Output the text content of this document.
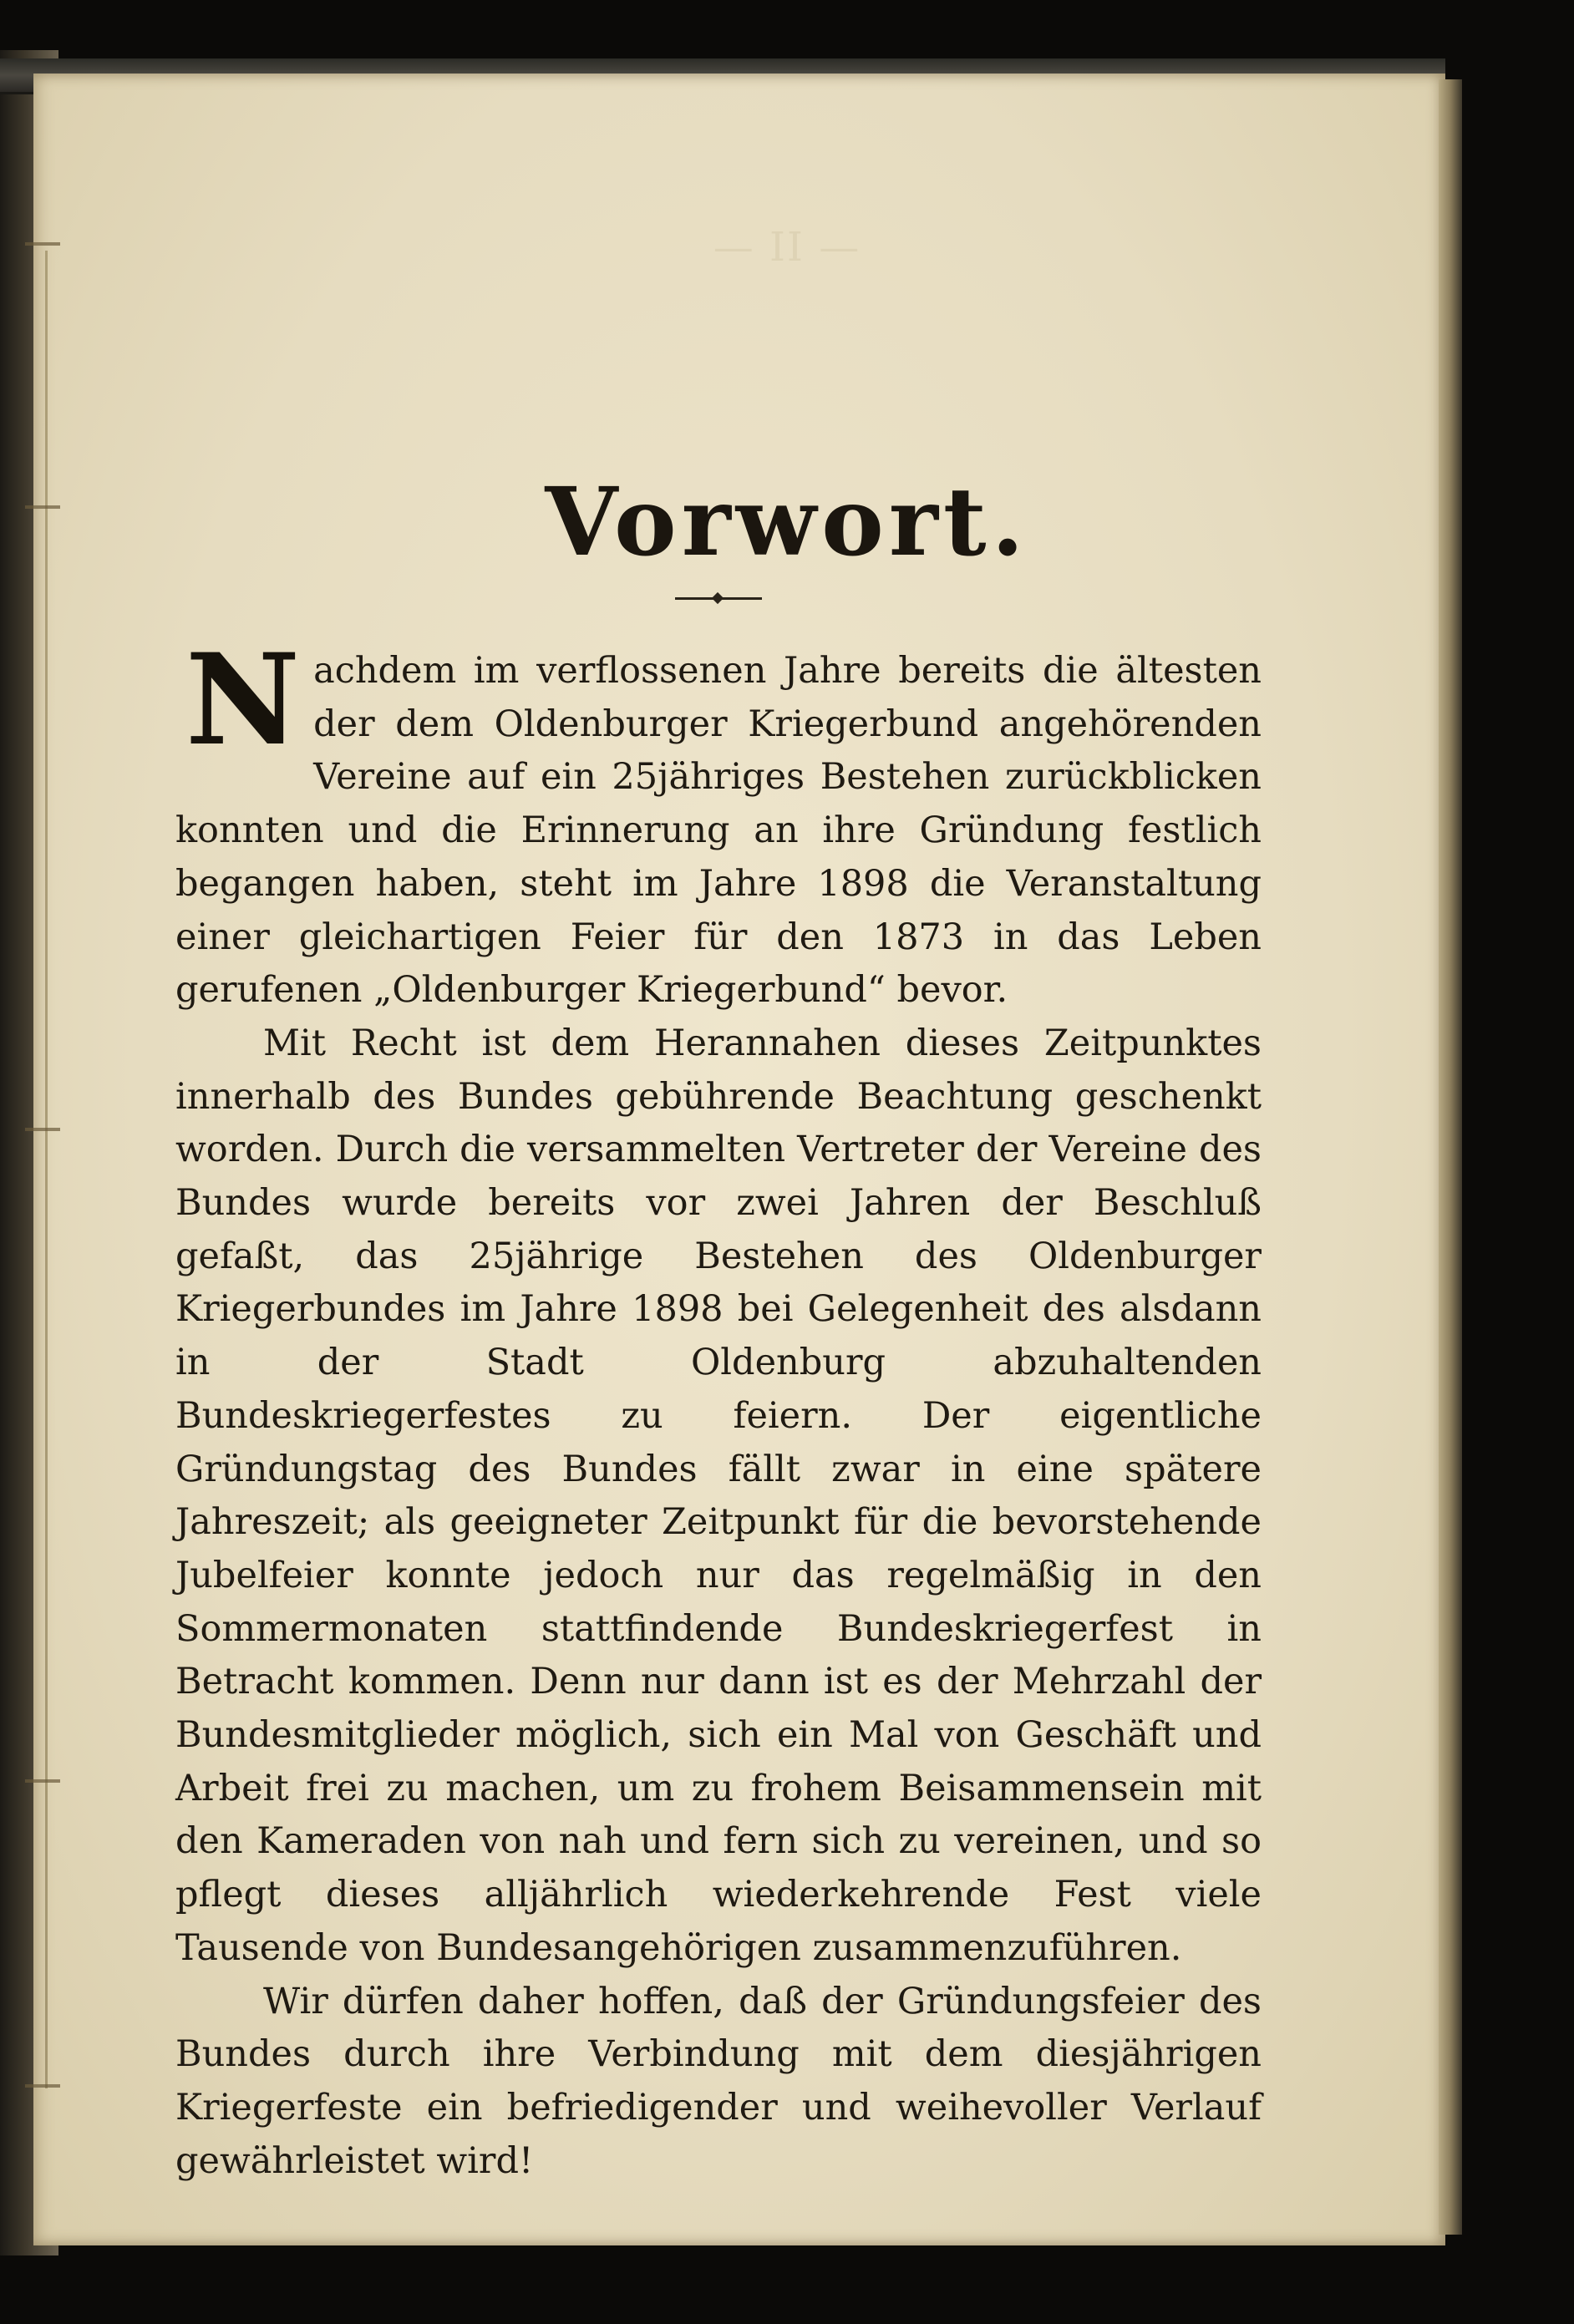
— II —
Vorwort.

Nachdem im verflossenen Jahre bereits die ältesten der dem Oldenburger Kriegerbund angehörenden Vereine auf ein 25jähriges Bestehen zurückblicken konnten und die Erinnerung an ihre Gründung festlich begangen haben, steht im Jahre 1898 die Veranstaltung einer gleichartigen Feier für den 1873 in das Leben gerufenen „Oldenburger Kriegerbund“ bevor.

Mit Recht ist dem Herannahen dieses Zeitpunktes innerhalb des Bundes gebührende Beachtung geschenkt worden. Durch die versammelten Vertreter der Vereine des Bundes wurde bereits vor zwei Jahren der Beschluß gefaßt, das 25jährige Bestehen des Oldenburger Kriegerbundes im Jahre 1898 bei Gelegenheit des alsdann in der Stadt Oldenburg abzuhaltenden Bundeskriegerfestes zu feiern. Der eigentliche Gründungstag des Bundes fällt zwar in eine spätere Jahreszeit; als geeigneter Zeitpunkt für die bevorstehende Jubelfeier konnte jedoch nur das regelmäßig in den Sommermonaten stattfindende Bundeskriegerfest in Betracht kommen. Denn nur dann ist es der Mehrzahl der Bundesmitglieder möglich, sich ein Mal von Geschäft und Arbeit frei zu machen, um zu frohem Beisammensein mit den Kameraden von nah und fern sich zu vereinen, und so pflegt dieses alljährlich wiederkehrende Fest viele Tausende von Bundesangehörigen zusammenzuführen.

Wir dürfen daher hoffen, daß der Gründungsfeier des Bundes durch ihre Verbindung mit dem diesjährigen Kriegerfeste ein befriedigender und weihevoller Verlauf gewährleistet wird!
